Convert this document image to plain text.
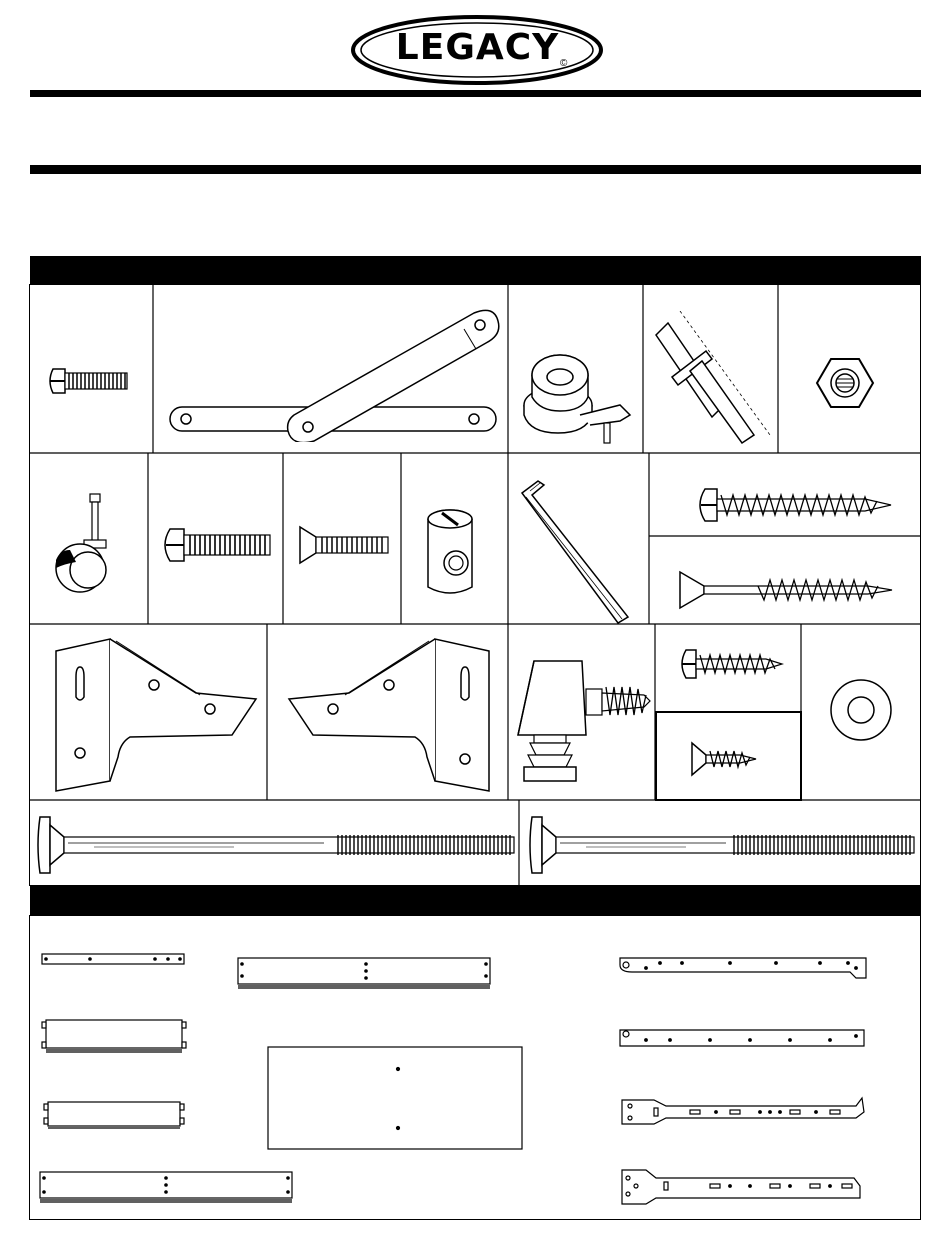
LEGACY ©
